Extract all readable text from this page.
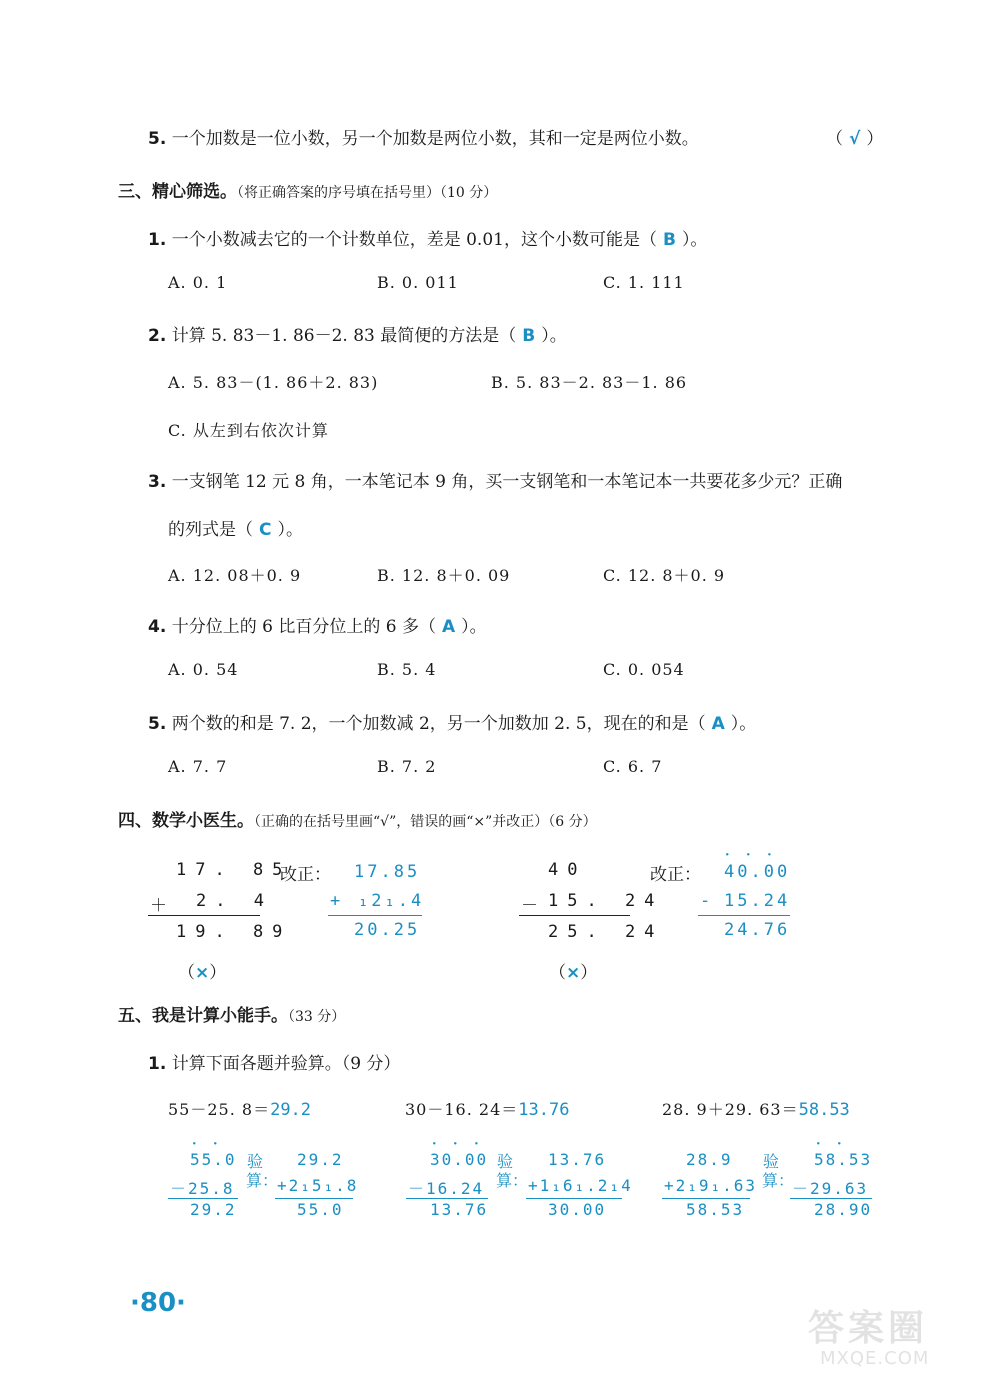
5. 一个加数是一位小数，另一个加数是两位小数，其和一定是两位小数。	（ √ ）
三、精心筛选。（将正确答案的序号填在括号里）（10 分）
1. 一个小数减去它的一个计数单位，差是 0.01，这个小数可能是（ B ）。
A. 0. 1	B. 0. 011	C. 1. 111
2. 计算 5. 83－1. 86－2. 83 最简便的方法是（ B ）。
A. 5. 83－(1. 86＋2. 83)	B. 5. 83－2. 83－1. 86
C. 从左到右依次计算
3. 一支钢笔 12 元 8 角，一本笔记本 9 角，买一支钢笔和一本笔记本一共要花多少元？正确
的列式是（ C ）。
A. 12. 08＋0. 9	B. 12. 8＋0. 09	C. 12. 8＋0. 9
4. 十分位上的 6 比百分位上的 6 多（ A ）。
A. 0. 54	B. 5. 4	C. 0. 054
5. 两个数的和是 7. 2，一个加数减 2，另一个加数加 2. 5，现在的和是（ A ）。
A. 7. 7	B. 7. 2	C. 6. 7
四、数学小医生。（正确的在括号里画“√”，错误的画“×”并改正）（6 分）
17. 85
＋ 2. 4
19. 89
（×）
改正： 17.85
+ ₁2₁.4
20.25
40
－ 15. 24
25. 24
（×）
改正：
· · ·
40.00
- 15.24
24.76
五、我是计算小能手。（33 分）
1. 计算下面各题并验算。（9 分）
55－25. 8＝29.2
· ·
55.0
－25.8
29.2
验算：
29.2
+2₁5₁.8
55.0
30－16. 24＝13.76
· · ·
30.00
－16.24
13.76
验算：
13.76
+1₁6₁.2₁4
30.00
28. 9＋29. 63＝58.53
28.9
+2₁9₁.63
58.53
验算：
· ·
58.53
－29.63
28.90
·80·
答案圈
MXQE.COM
